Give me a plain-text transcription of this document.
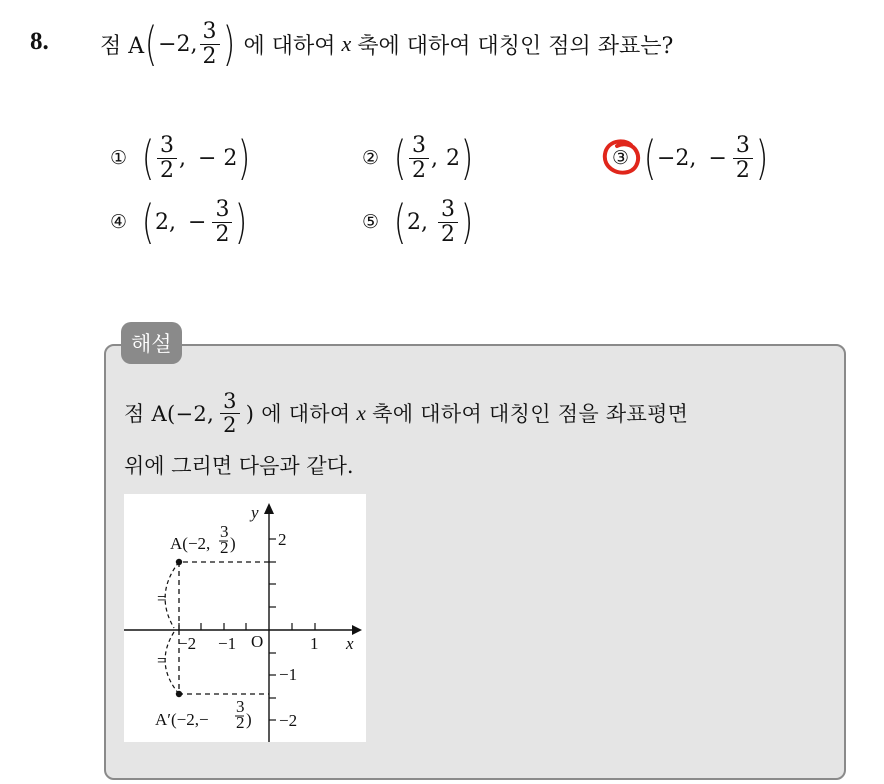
8. 점 A ( −2, $\frac{3}{2}$ ) 에 대하여 x 축에 대하여 대칭인 점의 좌표는?
① ( $\frac{3}{2}$ , − 2 )	② ( $\frac{3}{2}$ , 2 )	③ ( −2, − $\frac{3}{2}$ )
④ ( 2, − $\frac{3}{2}$ )	⑤ ( 2, $\frac{3}{2}$ )
해설
점 A(−2, $\frac{3}{2}$ ) 에 대하여 x 축에 대하여 대칭인 점을 좌표평면
위에 그리면 다음과 같다.
y
x
O
−2 −1	1
2
−1
−2
=
=
A(−2,
3
2 )
A′(−2,−
3
2 )
